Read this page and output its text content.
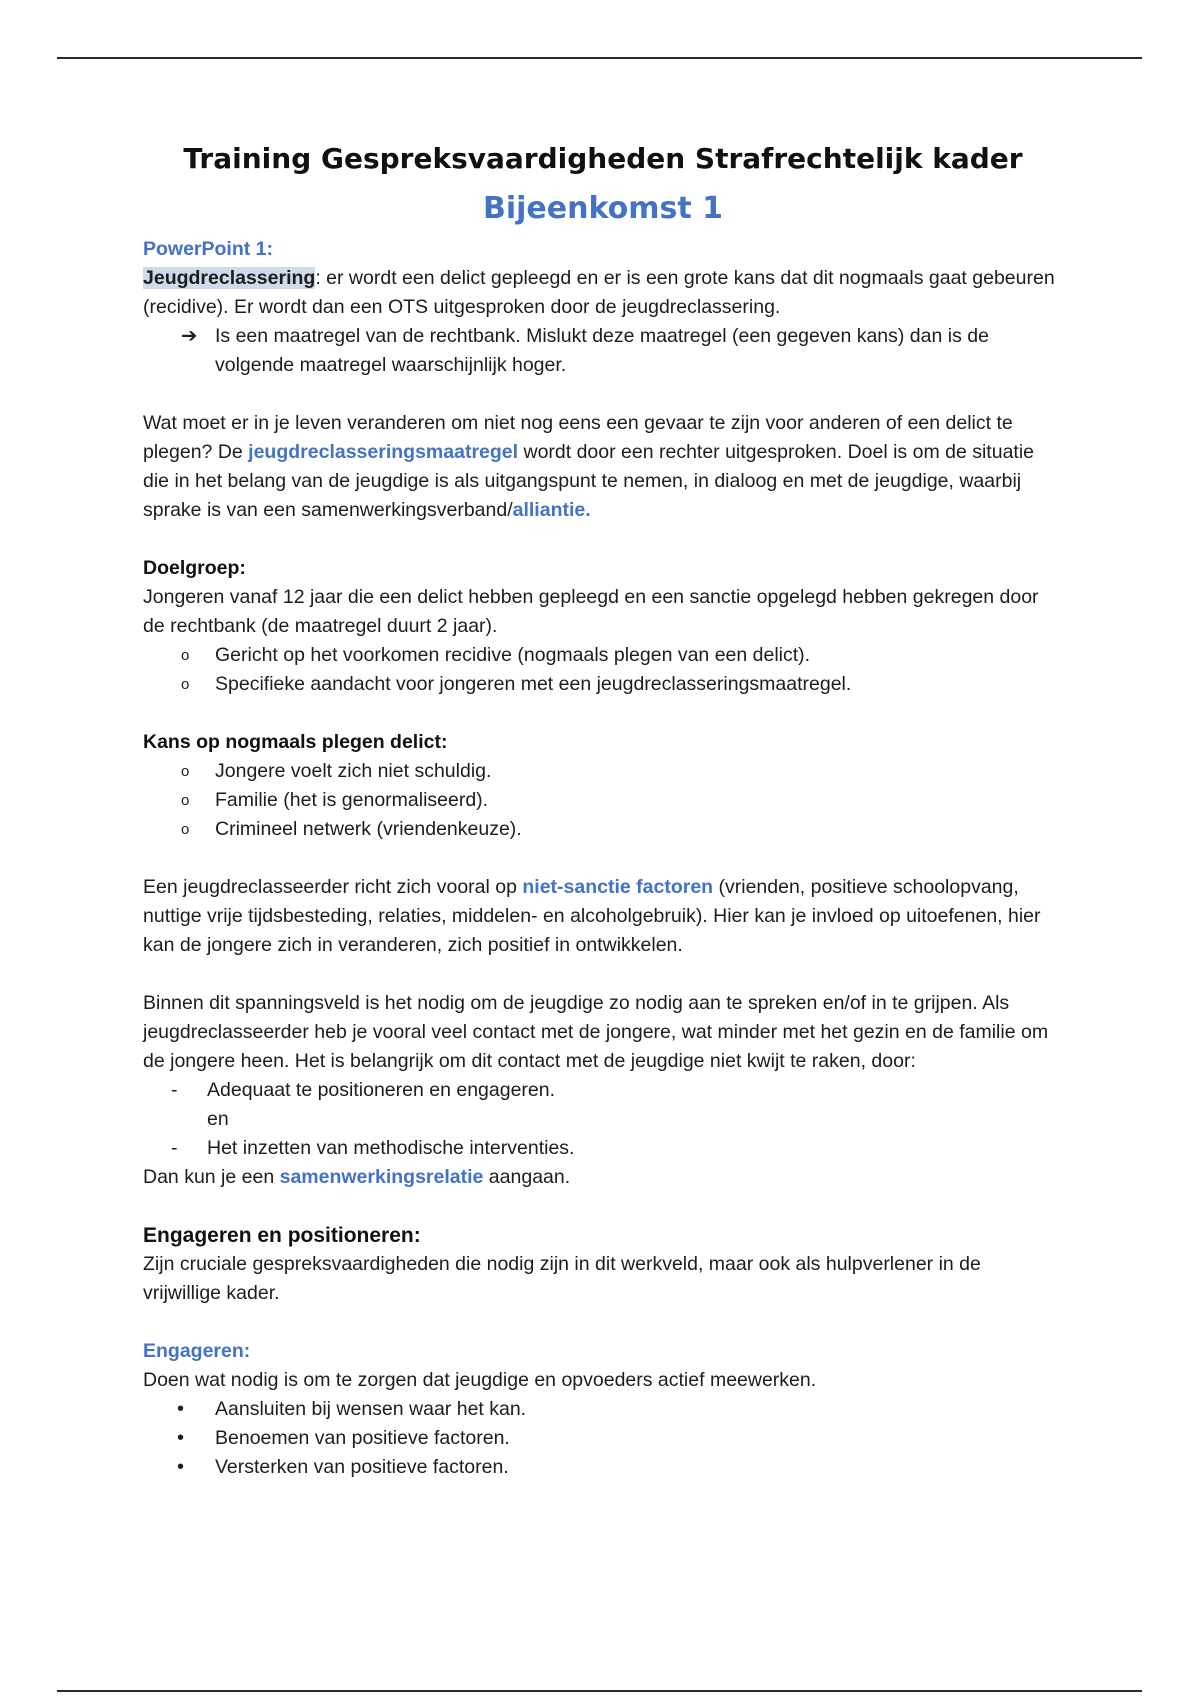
Training Gespreksvaardigheden Strafrechtelijk kader
Bijeenkomst 1

PowerPoint 1:

Jeugdreclassering: er wordt een delict gepleegd en er is een grote kans dat dit nogmaals gaat gebeuren (recidive). Er wordt dan een OTS uitgesproken door de jeugdreclassering.

➔ Is een maatregel van de rechtbank. Mislukt deze maatregel (een gegeven kans) dan is de volgende maatregel waarschijnlijk hoger.

Wat moet er in je leven veranderen om niet nog eens een gevaar te zijn voor anderen of een delict te plegen? De jeugdreclasseringsmaatregel wordt door een rechter uitgesproken. Doel is om de situatie die in het belang van de jeugdige is als uitgangspunt te nemen, in dialoog en met de jeugdige, waarbij sprake is van een samenwerkingsverband/alliantie.

Doelgroep:

Jongeren vanaf 12 jaar die een delict hebben gepleegd en een sanctie opgelegd hebben gekregen door de rechtbank (de maatregel duurt 2 jaar).

o Gericht op het voorkomen recidive (nogmaals plegen van een delict).
o Specifieke aandacht voor jongeren met een jeugdreclasseringsmaatregel.

Kans op nogmaals plegen delict:

o Jongere voelt zich niet schuldig.
o Familie (het is genormaliseerd).
o Crimineel netwerk (vriendenkeuze).

Een jeugdreclasseerder richt zich vooral op niet-sanctie factoren (vrienden, positieve schoolopvang, nuttige vrije tijdsbesteding, relaties, middelen- en alcoholgebruik). Hier kan je invloed op uitoefenen, hier kan de jongere zich in veranderen, zich positief in ontwikkelen.

Binnen dit spanningsveld is het nodig om de jeugdige zo nodig aan te spreken en/of in te grijpen. Als jeugdreclasseerder heb je vooral veel contact met de jongere, wat minder met het gezin en de familie om de jongere heen. Het is belangrijk om dit contact met de jeugdige niet kwijt te raken, door:

- Adequaat te positioneren en engageren.

en

- Het inzetten van methodische interventies.

Dan kun je een samenwerkingsrelatie aangaan.

Engageren en positioneren:

Zijn cruciale gespreksvaardigheden die nodig zijn in dit werkveld, maar ook als hulpverlener in de vrijwillige kader.

Engageren:

Doen wat nodig is om te zorgen dat jeugdige en opvoeders actief meewerken.

• Aansluiten bij wensen waar het kan.
• Benoemen van positieve factoren.
• Versterken van positieve factoren.
